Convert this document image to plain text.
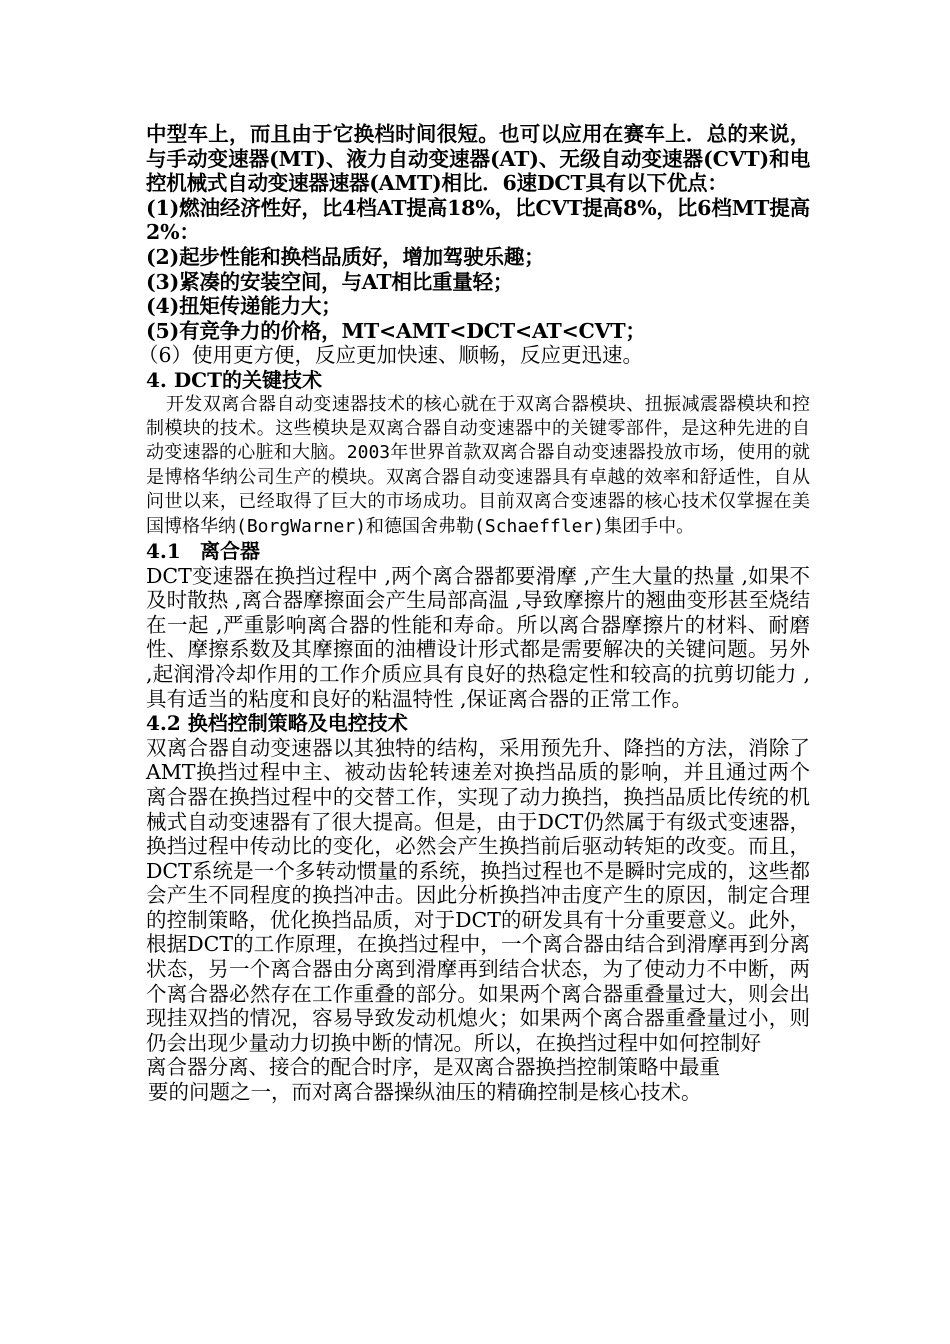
中型车上，而且由于它换档时间很短。也可以应用在赛车上．总的来说，与手动变速器(MT)、液力自动变速器(AT)、无级自动变速器(CVT)和电控机械式自动变速器速器(AMT)相比．6速DCT具有以下优点：

(1)燃油经济性好，比4档AT提高18%，比CVT提高8%，比6档MT提高2%：
(2)起步性能和换档品质好，增加驾驶乐趣；
(3)紧凑的安装空间，与AT相比重量轻；
(4)扭矩传递能力大；
(5)有竞争力的价格，MT<AMT<DCT<AT<CVT；
（6）使用更方便，反应更加快速、顺畅，反应更迅速。
4. DCT的关键技术

开发双离合器自动变速器技术的核心就在于双离合器模块、扭振减震器模块和控制模块的技术。这些模块是双离合器自动变速器中的关键零部件，是这种先进的自动变速器的心脏和大脑。2003年世界首款双离合器自动变速器投放市场，使用的就是博格华纳公司生产的模块。双离合器自动变速器具有卓越的效率和舒适性，自从问世以来，已经取得了巨大的市场成功。目前双离合变速器的核心技术仅掌握在美国博格华纳(BorgWarner)和德国舍弗勒(Schaeffler)集团手中。

4.1 离合器

DCT变速器在换挡过程中 ,两个离合器都要滑摩 ,产生大量的热量 ,如果不及时散热 ,离合器摩擦面会产生局部高温 ,导致摩擦片的翘曲变形甚至烧结在一起 ,严重影响离合器的性能和寿命。所以离合器摩擦片的材料、耐磨性、摩擦系数及其摩擦面的油槽设计形式都是需要解决的关键问题。另外 ,起润滑冷却作用的工作介质应具有良好的热稳定性和较高的抗剪切能力 ,具有适当的粘度和良好的粘温特性 ,保证离合器的正常工作。

4.2 换档控制策略及电控技术

双离合器自动变速器以其独特的结构，采用预先升、降挡的方法，消除了AMT换挡过程中主、被动齿轮转速差对换挡品质的影响，并且通过两个离合器在换挡过程中的交替工作，实现了动力换挡，换挡品质比传统的机械式自动变速器有了很大提高。但是，由于DCT仍然属于有级式变速器，换挡过程中传动比的变化，必然会产生换挡前后驱动转矩的改变。而且，DCT系统是一个多转动惯量的系统，换挡过程也不是瞬时完成的，这些都会产生不同程度的换挡冲击。因此分析换挡冲击度产生的原因，制定合理的控制策略，优化换挡品质，对于DCT的研发具有十分重要意义。此外，根据DCT的工作原理，在换挡过程中，一个离合器由结合到滑摩再到分离状态，另一个离合器由分离到滑摩再到结合状态，为了使动力不中断，两个离合器必然存在工作重叠的部分。如果两个离合器重叠量过大，则会出现挂双挡的情况，容易导致发动机熄火；如果两个离合器重叠量过小，则仍会出现少量动力切换中断的情况。所以，在换挡过程中如何控制好

离合器分离、接合的配合时序，是双离合器换挡控制策略中最重

要的问题之一，而对离合器操纵油压的精确控制是核心技术。
